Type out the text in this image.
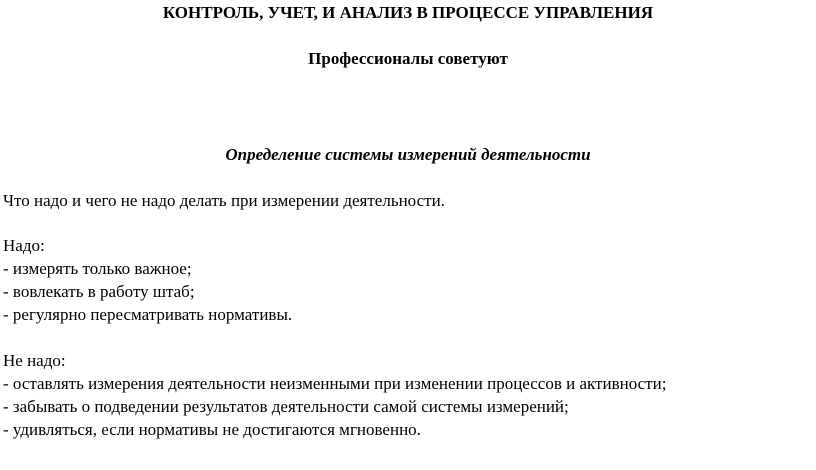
КОНТРОЛЬ, УЧЕТ, И АНАЛИЗ В ПРОЦЕССЕ УПРАВЛЕНИЯ
Профессионалы советуют
Определение системы измерений деятельности
Что надо и чего не надо делать при измерении деятельности.
Надо:
- измерять только важное;
- вовлекать в работу штаб;
- регулярно пересматривать нормативы.
Не надо:
- оставлять измерения деятельности неизменными при изменении процессов и активности;
- забывать о подведении результатов деятельности самой системы измерений;
- удивляться, если нормативы не достигаются мгновенно.
